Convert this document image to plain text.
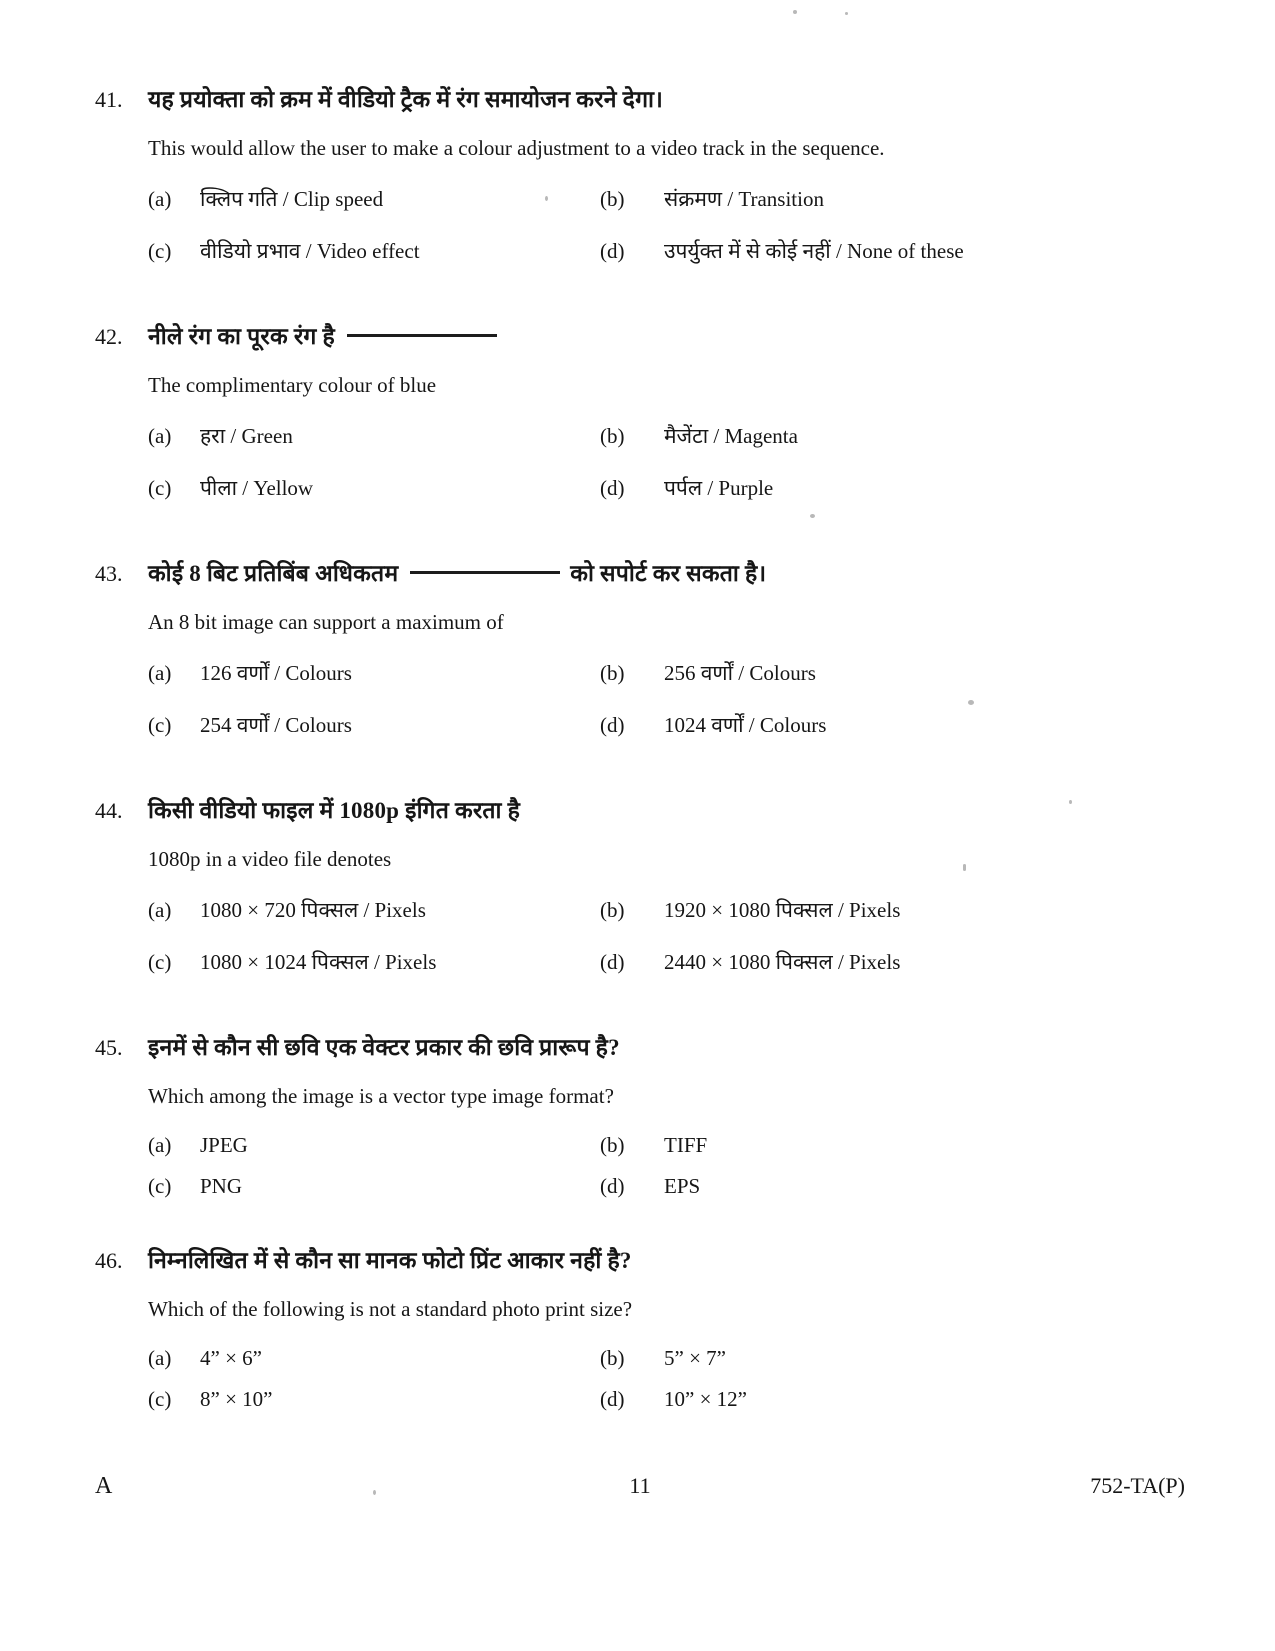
41.	यह प्रयोक्ता को क्रम में वीडियो ट्रैक में रंग समायोजन करने देगा।
This would allow the user to make a colour adjustment to a video track in the sequence.
(a)	क्लिप गति / Clip speed	(b)	संक्रमण / Transition
(c)	वीडियो प्रभाव / Video effect	(d)	उपर्युक्त में से कोई नहीं / None of these
42.	नीले रंग का पूरक रंग है
The complimentary colour of blue
(a)	हरा / Green	(b)	मैजेंटा / Magenta
(c)	पीला / Yellow	(d)	पर्पल / Purple
43.	कोई 8 बिट प्रतिबिंब अधिकतम	को सपोर्ट कर सकता है।
An 8 bit image can support a maximum of
(a)	126 वर्णों / Colours	(b)	256 वर्णों / Colours
(c)	254 वर्णों / Colours	(d)	1024 वर्णों / Colours
44.	किसी वीडियो फाइल में 1080p इंगित करता है
1080p in a video file denotes
(a)	1080 × 720 पिक्सल / Pixels	(b)	1920 × 1080 पिक्सल / Pixels
(c)	1080 × 1024 पिक्सल / Pixels	(d)	2440 × 1080 पिक्सल / Pixels
45.	इनमें से कौन सी छवि एक वेक्टर प्रकार की छवि प्रारूप है?
Which among the image is a vector type image format?
(a)	JPEG	(b)	TIFF
(c)	PNG	(d)	EPS
46.	निम्नलिखित में से कौन सा मानक फोटो प्रिंट आकार नहीं है?
Which of the following is not a standard photo print size?
(a)	4” × 6”	(b)	5” × 7”
(c)	8” × 10”	(d)	10” × 12”
A	11	752-TA(P)
